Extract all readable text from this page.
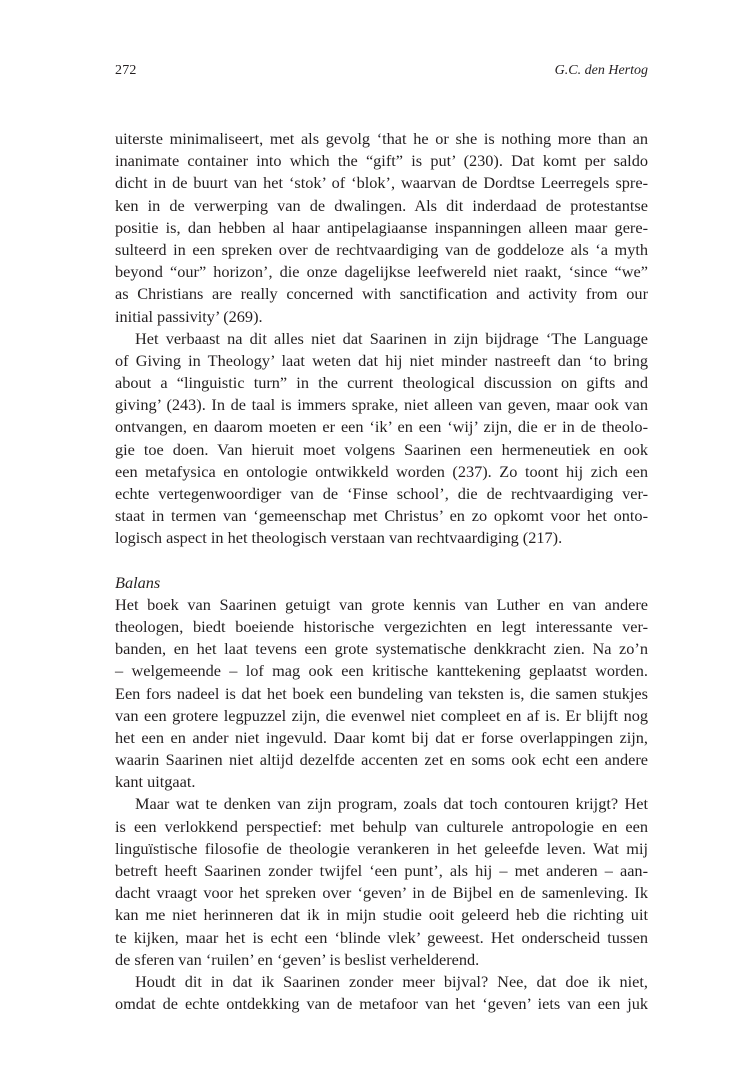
272	G.C. den Hertog
uiterste minimaliseert, met als gevolg ‘that he or she is nothing more than an
inanimate container into which the “gift” is put’ (230). Dat komt per saldo
dicht in de buurt van het ‘stok’ of ‘blok’, waarvan de Dordtse Leerregels spre-
ken in de verwerping van de dwalingen. Als dit inderdaad de protestantse
positie is, dan hebben al haar antipelagiaanse inspanningen alleen maar gere-
sulteerd in een spreken over de rechtvaardiging van de goddeloze als ‘a myth
beyond “our” horizon’, die onze dagelijkse leefwereld niet raakt, ‘since “we”
as Christians are really concerned with sanctification and activity from our
initial passivity’ (269).
Het verbaast na dit alles niet dat Saarinen in zijn bijdrage ‘The Language
of Giving in Theology’ laat weten dat hij niet minder nastreeft dan ‘to bring
about a “linguistic turn” in the current theological discussion on gifts and
giving’ (243). In de taal is immers sprake, niet alleen van geven, maar ook van
ontvangen, en daarom moeten er een ‘ik’ en een ‘wij’ zijn, die er in de theolo-
gie toe doen. Van hieruit moet volgens Saarinen een hermeneutiek en ook
een metafysica en ontologie ontwikkeld worden (237). Zo toont hij zich een
echte vertegenwoordiger van de ‘Finse school’, die de rechtvaardiging ver-
staat in termen van ‘gemeenschap met Christus’ en zo opkomt voor het onto-
logisch aspect in het theologisch verstaan van rechtvaardiging (217).
Balans
Het boek van Saarinen getuigt van grote kennis van Luther en van andere
theologen, biedt boeiende historische vergezichten en legt interessante ver-
banden, en het laat tevens een grote systematische denkkracht zien. Na zo’n
– welgemeende – lof mag ook een kritische kanttekening geplaatst worden.
Een fors nadeel is dat het boek een bundeling van teksten is, die samen stukjes
van een grotere legpuzzel zijn, die evenwel niet compleet en af is. Er blijft nog
het een en ander niet ingevuld. Daar komt bij dat er forse overlappingen zijn,
waarin Saarinen niet altijd dezelfde accenten zet en soms ook echt een andere
kant uitgaat.
Maar wat te denken van zijn program, zoals dat toch contouren krijgt? Het
is een verlokkend perspectief: met behulp van culturele antropologie en een
linguïstische filosofie de theologie verankeren in het geleefde leven. Wat mij
betreft heeft Saarinen zonder twijfel ‘een punt’, als hij – met anderen – aan-
dacht vraagt voor het spreken over ‘geven’ in de Bijbel en de samenleving. Ik
kan me niet herinneren dat ik in mijn studie ooit geleerd heb die richting uit
te kijken, maar het is echt een ‘blinde vlek’ geweest. Het onderscheid tussen
de sferen van ‘ruilen’ en ‘geven’ is beslist verhelderend.
Houdt dit in dat ik Saarinen zonder meer bijval? Nee, dat doe ik niet,
omdat de echte ontdekking van de metafoor van het ‘geven’ iets van een juk
